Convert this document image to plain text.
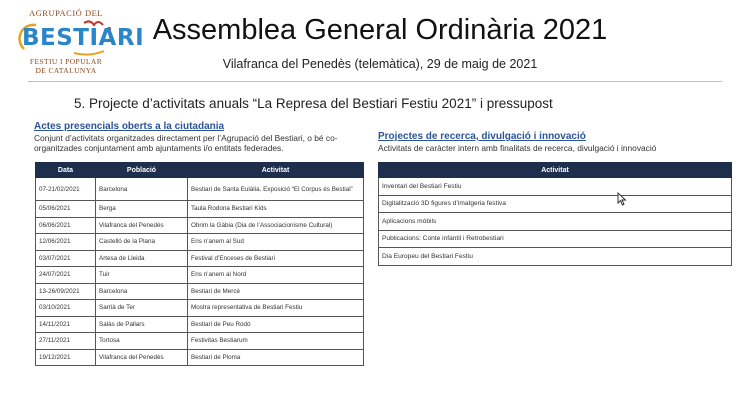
AGRUPACIÓ DEL
BESTIARI
FESTIU I POPULAR
DE CATALUNYA
Assemblea General Ordinària 2021
Vilafranca del Penedès (telemàtica), 29 de maig de 2021
5. Projecte d’activitats anuals “La Represa del Bestiari Festiu 2021” i pressupost
Actes presencials oberts a la ciutadania
Conjunt d’activitats organitzades directament per l’Agrupació del Bestiari, o bé co-organitzades conjuntament amb ajuntaments i/o entitats federades.
Data	Població	Activitat
07-21/02/2021	Barcelona	Bestiari de Santa Eulàlia. Exposició “El Corpus és Bestial”
05/06/2021	Berga	Taula Rodona Bestiari Kids
06/06/2021	Vilafranca del Penedès	Obrim la Gàbia (Dia de l’Associacionisme Cultural)
12/06/2021	Castelló de la Plana	Ens n’anem al Sud
03/07/2021	Artesa de Lleida	Festival d’Enceses de Bestiari
24/07/2021	Tuir	Ens n’anem al Nord
13-26/09/2021	Barcelona	Bestiari de Mercè
03/10/2021	Sarrià de Ter	Mostra representativa de Bestiari Festiu
14/11/2021	Salàs de Pallars	Bestiari de Peu Rodó
27/11/2021	Tortosa	Festivitas Bestiarum
19/12/2021	Vilafranca del Penedès	Bestiari de Ploma
Projectes de recerca, divulgació i innovació
Activitats de caràcter intern amb finalitats de recerca, divulgació i innovació
Activitat
Inventari del Bestiari Festiu
Digitalització 3D figures d’imatgeria festiva
Aplicacions mòbils
Publicacions: Conte infantil i Retrobestiari
Dia Europeu del Bestiari Festiu
